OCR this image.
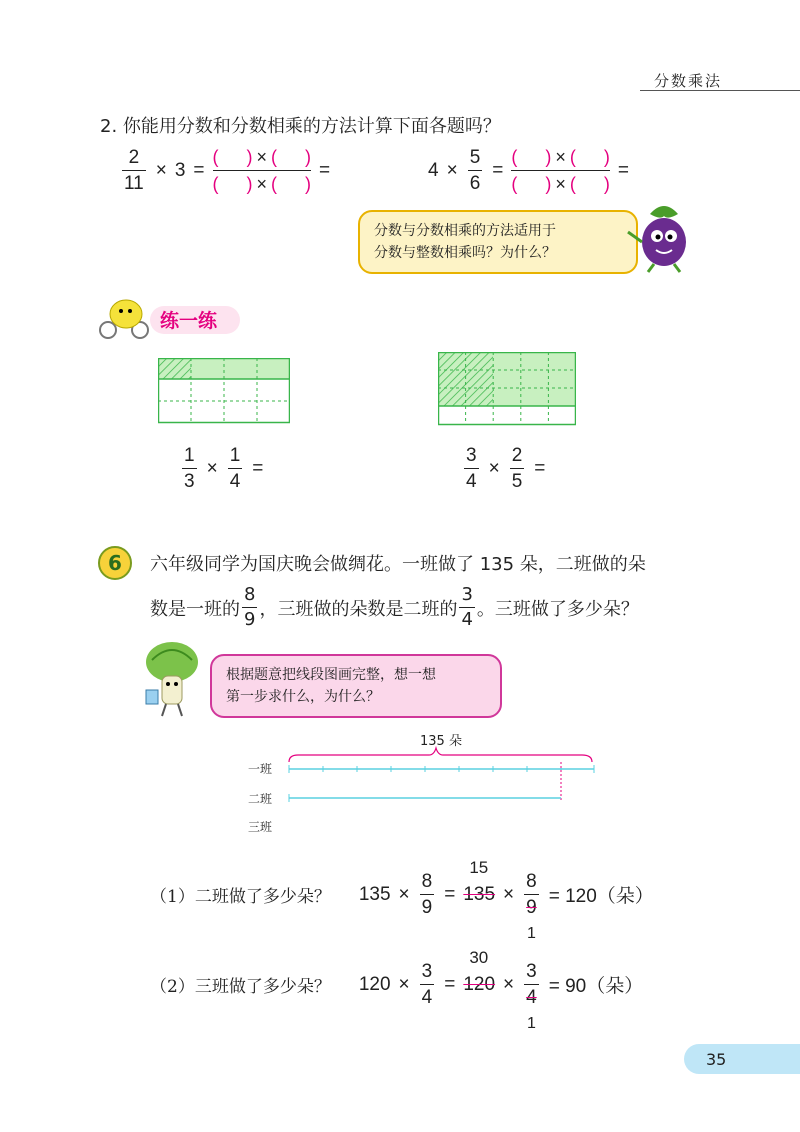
分数乘法
2. 你能用分数和分数相乘的方法计算下面各题吗？
$\frac{2}{11} \times 3$ =
( ) × ( )
( ) × ( )
=	$4 \times \frac{5}{6}$ =
( ) × ( )
( ) × ( )
=
分数与分数相乘的方法适用于
分数与整数相乘吗？为什么？
练一练
$\frac{1}{3} \times \frac{1}{4}$ =	$\frac{3}{4} \times \frac{2}{5}$ =
6	六年级同学为国庆晚会做绸花。一班做了 135 朵，二班做的朵
数是一班的 $\frac{8}{9}$ ，三班做的朵数是二班的 $\frac{3}{4}$ 。三班做了多少朵？
根据题意把线段图画完整，想一想
第一步求什么，为什么？
135 朵
一班
二班
三班
（1）二班做了多少朵？ $135 \times \frac{8}{9}$ =
15
135 ×
8
9
1
= 120（朵）
（2）三班做了多少朵？ $120 \times \frac{3}{4}$ =
30
120 ×
3
4
1
= 90（朵）
35
